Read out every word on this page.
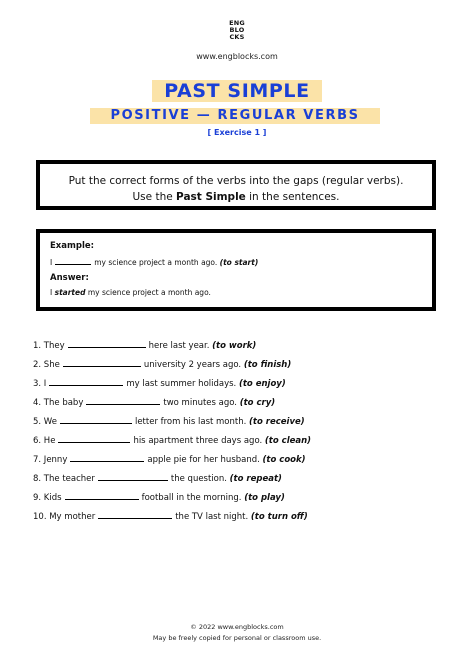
ENG
BLO
CKS
www.engblocks.com
PAST SIMPLE
POSITIVE — REGULAR VERBS
[ Exercise 1 ]
Put the correct forms of the verbs into the gaps (regular verbs).
Use the Past Simple in the sentences.
Example:
I	my science project a month ago. (to start)
Answer:
I started my science project a month ago.
1. They	here last year. (to work)
2. She	university 2 years ago. (to finish)
3. I	my last summer holidays. (to enjoy)
4. The baby	two minutes ago. (to cry)
5. We	letter from his last month. (to receive)
6. He	his apartment three days ago. (to clean)
7. Jenny	apple pie for her husband. (to cook)
8. The teacher	the question. (to repeat)
9. Kids	football in the morning. (to play)
10. My mother	the TV last night. (to turn off)
© 2022 www.engblocks.com
May be freely copied for personal or classroom use.
